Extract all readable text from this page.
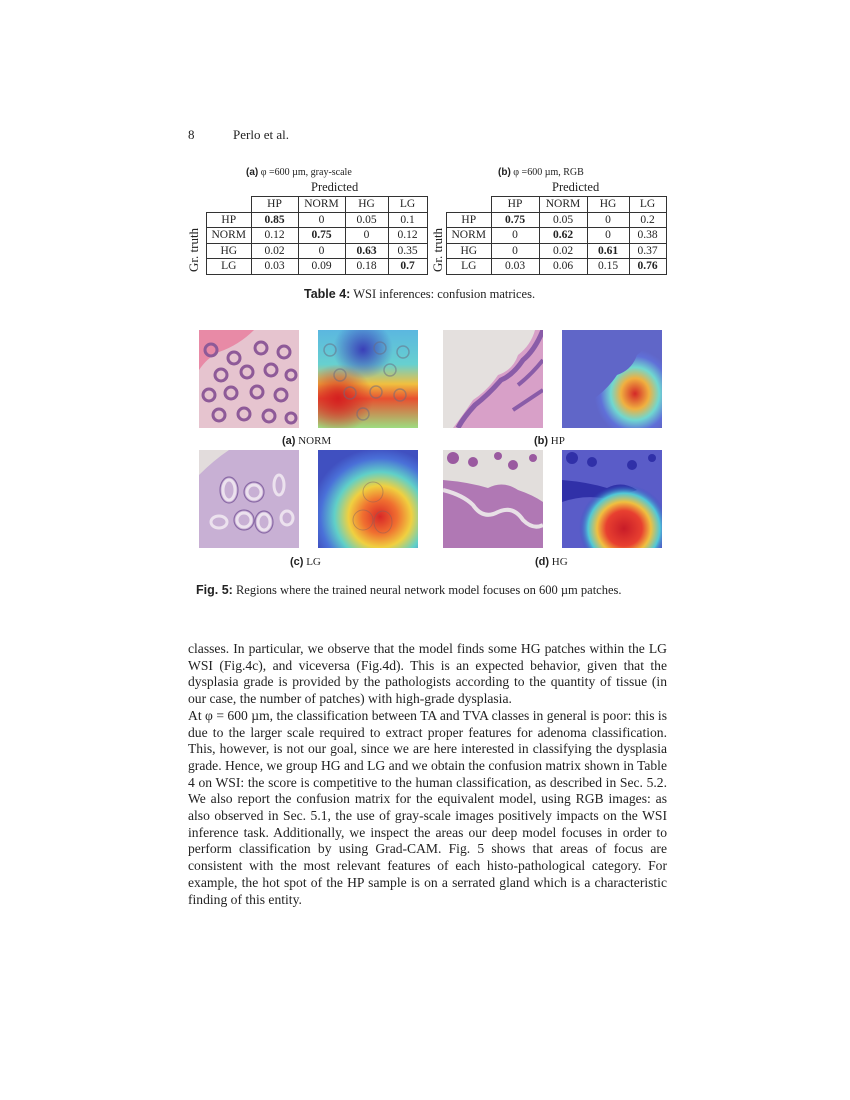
8	Perlo et al.
(a) φ =600 µm, gray-scale
Predicted
Gr. truth
	HP	NORM	HG	LG
HP	0.85	0	0.05	0.1
NORM	0.12	0.75	0	0.12
HG	0.02	0	0.63	0.35
LG	0.03	0.09	0.18	0.7
(b) φ =600 µm, RGB
Predicted
Gr. truth
	HP	NORM	HG	LG
HP	0.75	0.05	0	0.2
NORM	0	0.62	0	0.38
HG	0	0.02	0.61	0.37
LG	0.03	0.06	0.15	0.76
Table 4: WSI inferences: confusion matrices.
(a) NORM	(b) HP
(c) LG	(d) HG
Fig. 5: Regions where the trained neural network model focuses on 600 µm patches.

classes. In particular, we observe that the model finds some HG patches within the LG WSI (Fig.4c), and viceversa (Fig.4d). This is an expected behavior, given that the dysplasia grade is provided by the pathologists according to the quantity of tissue (in our case, the number of patches) with high-grade dysplasia.

At φ = 600 µm, the classification between TA and TVA classes in general is poor: this is due to the larger scale required to extract proper features for adenoma classification. This, however, is not our goal, since we are here interested in classifying the dysplasia grade. Hence, we group HG and LG and we obtain the confusion matrix shown in Table 4 on WSI: the score is competitive to the human classification, as described in Sec. 5.2. We also report the confusion matrix for the equivalent model, using RGB images: as also observed in Sec. 5.1, the use of gray-scale images positively impacts on the WSI inference task. Additionally, we inspect the areas our deep model focuses in order to perform classification by using Grad-CAM. Fig. 5 shows that areas of focus are consistent with the most relevant features of each histo-pathological category. For example, the hot spot of the HP sample is on a serrated gland which is a characteristic finding of this entity.
